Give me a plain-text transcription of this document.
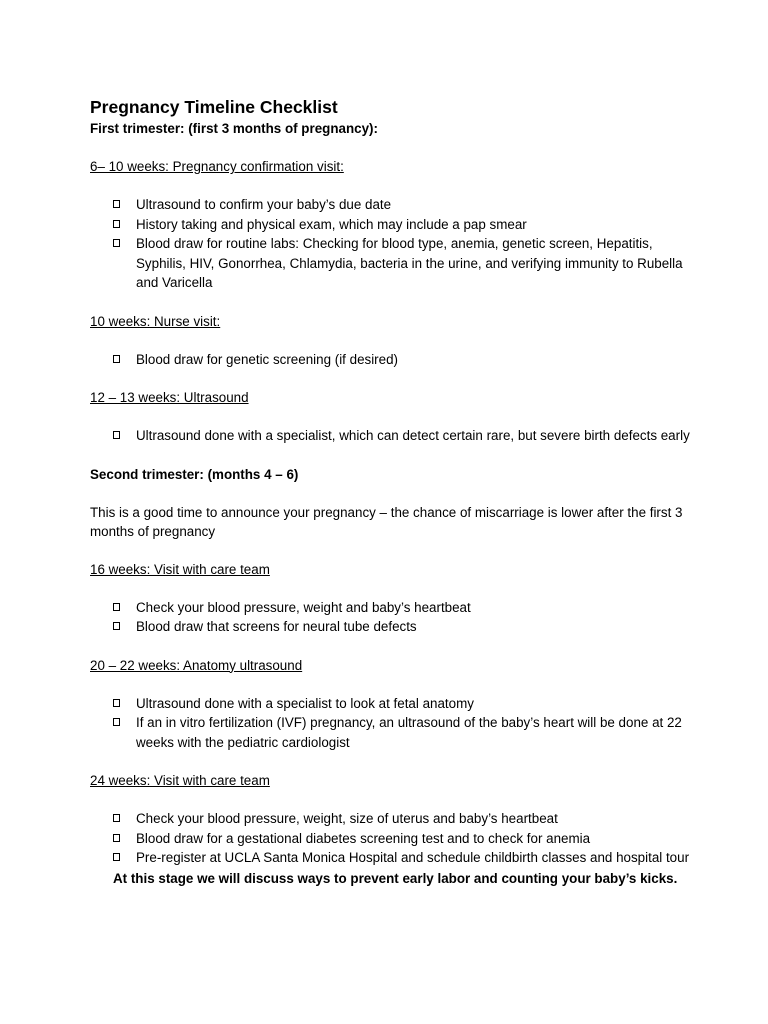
Pregnancy Timeline Checklist
First trimester: (first 3 months of pregnancy):
6– 10 weeks: Pregnancy confirmation visit:
Ultrasound to confirm your baby’s due date
History taking and physical exam, which may include a pap smear
Blood draw for routine labs: Checking for blood type, anemia, genetic screen, Hepatitis, Syphilis, HIV, Gonorrhea, Chlamydia, bacteria in the urine, and verifying immunity to Rubella and Varicella
10 weeks: Nurse visit:
Blood draw for genetic screening (if desired)
12 – 13 weeks: Ultrasound
Ultrasound done with a specialist, which can detect certain rare, but severe birth defects early
Second trimester: (months 4 – 6)
This is a good time to announce your pregnancy – the chance of miscarriage is lower after the first 3 months of pregnancy
16 weeks: Visit with care team
Check your blood pressure, weight and baby’s heartbeat
Blood draw that screens for neural tube defects
20 – 22 weeks: Anatomy ultrasound
Ultrasound done with a specialist to look at fetal anatomy
If an in vitro fertilization (IVF) pregnancy, an ultrasound of the baby’s heart will be done at 22 weeks with the pediatric cardiologist
24 weeks: Visit with care team
Check your blood pressure, weight, size of uterus and baby’s heartbeat
Blood draw for a gestational diabetes screening test and to check for anemia
Pre-register at UCLA Santa Monica Hospital and schedule childbirth classes and hospital tour
At this stage we will discuss ways to prevent early labor and counting your baby’s kicks.
